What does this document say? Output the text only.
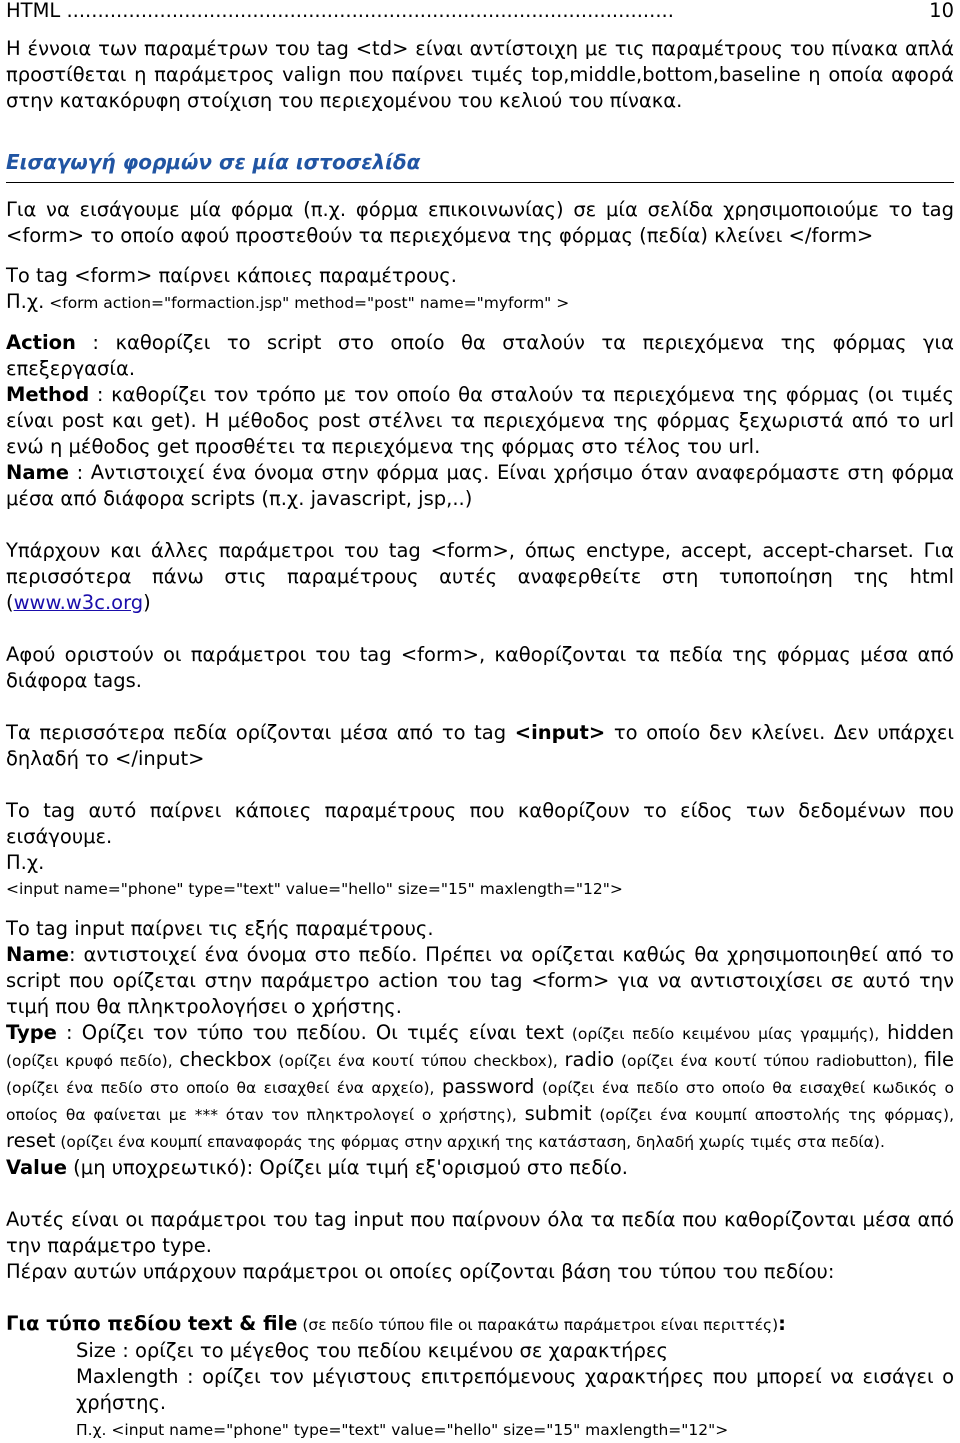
HTML ..................................................................................................	10

Η έννοια των παραμέτρων του tag <td> είναι αντίστοιχη με τις παραμέτρους του πίνακα απλά προστίθεται η παράμετρος valign που παίρνει τιμές top,middle,bottom,baseline η οποία αφορά στην κατακόρυφη στοίχιση του περιεχομένου του κελιού του πίνακα.

Εισαγωγή φορμών σε μία ιστοσελίδα

Για να εισάγουμε μία φόρμα (π.χ. φόρμα επικοινωνίας) σε μία σελίδα χρησιμοποιούμε το tag <form> το οποίο αφού προστεθούν τα περιεχόμενα της φόρμας (πεδία) κλείνει </form>

Το tag <form> παίρνει κάποιες παραμέτρους.

Π.χ. <form action="formaction.jsp" method="post" name="myform" >

Action : καθορίζει το script στο οποίο θα σταλούν τα περιεχόμενα της φόρμας για επεξεργασία.

Method : καθορίζει τον τρόπο με τον οποίο θα σταλούν τα περιεχόμενα της φόρμας (οι τιμές είναι post και get). Η μέθοδος post στέλνει τα περιεχόμενα της φόρμας ξεχωριστά από το url ενώ η μέθοδος get προσθέτει τα περιεχόμενα της φόρμας στο τέλος του url.

Name : Αντιστοιχεί ένα όνομα στην φόρμα μας. Είναι χρήσιμο όταν αναφερόμαστε στη φόρμα μέσα από διάφορα scripts (π.χ. javascript, jsp,..)

Υπάρχουν και άλλες παράμετροι του tag <form>, όπως enctype, accept, accept-charset. Για περισσότερα πάνω στις παραμέτρους αυτές αναφερθείτε στη τυποποίηση της html (www.w3c.org)

Αφού οριστούν οι παράμετροι του tag <form>, καθορίζονται τα πεδία της φόρμας μέσα από διάφορα tags.

Τα περισσότερα πεδία ορίζονται μέσα από το tag <input> το οποίο δεν κλείνει. Δεν υπάρχει δηλαδή το </input>

Το tag αυτό παίρνει κάποιες παραμέτρους που καθορίζουν το είδος των δεδομένων που εισάγουμε.

Π.χ.

<input name="phone" type="text" value="hello" size="15" maxlength="12">

Το tag input παίρνει τις εξής παραμέτρους.

Name: αντιστοιχεί ένα όνομα στο πεδίο. Πρέπει να ορίζεται καθώς θα χρησιμοποιηθεί από το script που ορίζεται στην παράμετρο action του tag <form> για να αντιστοιχίσει σε αυτό την τιμή που θα πληκτρολογήσει ο χρήστης.

Type : Ορίζει τον τύπο του πεδίου. Οι τιμές είναι text (ορίζει πεδίο κειμένου μίας γραμμής), hidden (ορίζει κρυφό πεδίο), checkbox (ορίζει ένα κουτί τύπου checkbox), radio (ορίζει ένα κουτί τύπου radiobutton), file (ορίζει ένα πεδίο στο οποίο θα εισαχθεί ένα αρχείο), password (ορίζει ένα πεδίο στο οποίο θα εισαχθεί κωδικός ο οποίος θα φαίνεται με *** όταν τον πληκτρολογεί ο χρήστης), submit (ορίζει ένα κουμπί αποστολής της φόρμας), reset (ορίζει ένα κουμπί επαναφοράς της φόρμας στην αρχική της κατάσταση, δηλαδή χωρίς τιμές στα πεδία).

Value (μη υποχρεωτικό): Ορίζει μία τιμή εξ'ορισμού στο πεδίο.

Αυτές είναι οι παράμετροι του tag input που παίρνουν όλα τα πεδία που καθορίζονται μέσα από την παράμετρο type.

Πέραν αυτών υπάρχουν παράμετροι οι οποίες ορίζονται βάση του τύπου του πεδίου:

Για τύπο πεδίου text & file (σε πεδίο τύπου file οι παρακάτω παράμετροι είναι περιττές):

Size : ορίζει το μέγεθος του πεδίου κειμένου σε χαρακτήρες

Maxlength : ορίζει τον μέγιστους επιτρεπόμενους χαρακτήρες που μπορεί να εισάγει ο χρήστης.

Π.χ. <input name="phone" type="text" value="hello" size="15" maxlength="12">
